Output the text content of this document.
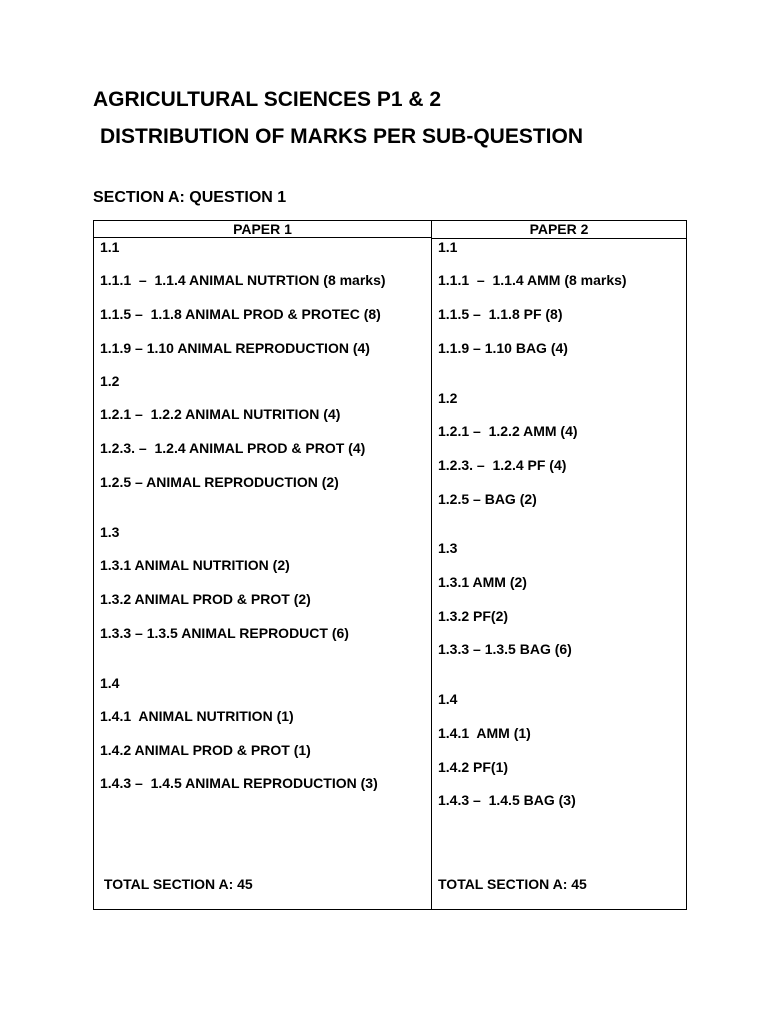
AGRICULTURAL SCIENCES P1 & 2
DISTRIBUTION OF MARKS PER SUB-QUESTION
SECTION A: QUESTION 1
PAPER 1	PAPER 2
1.1
1.1.1  –  1.1.4 ANIMAL NUTRTION (8 marks)
1.1.5 –  1.1.8 ANIMAL PROD & PROTEC (8)
1.1.9 – 1.10 ANIMAL REPRODUCTION (4)
1.2
1.2.1 –  1.2.2 ANIMAL NUTRITION (4)
1.2.3. –  1.2.4 ANIMAL PROD & PROT (4)
1.2.5 – ANIMAL REPRODUCTION (2)
1.3
1.3.1 ANIMAL NUTRITION (2)
1.3.2 ANIMAL PROD & PROT (2)
1.3.3 – 1.3.5 ANIMAL REPRODUCT (6)
1.4
1.4.1  ANIMAL NUTRITION (1)
1.4.2 ANIMAL PROD & PROT (1)
1.4.3 –  1.4.5 ANIMAL REPRODUCTION (3)
TOTAL SECTION A: 45
1.1
1.1.1  –  1.1.4 AMM (8 marks)
1.1.5 –  1.1.8 PF (8)
1.1.9 – 1.10 BAG (4)
1.2
1.2.1 –  1.2.2 AMM (4)
1.2.3. –  1.2.4 PF (4)
1.2.5 – BAG (2)
1.3
1.3.1 AMM (2)
1.3.2 PF(2)
1.3.3 – 1.3.5 BAG (6)
1.4
1.4.1  AMM (1)
1.4.2 PF(1)
1.4.3 –  1.4.5 BAG (3)
TOTAL SECTION A: 45
